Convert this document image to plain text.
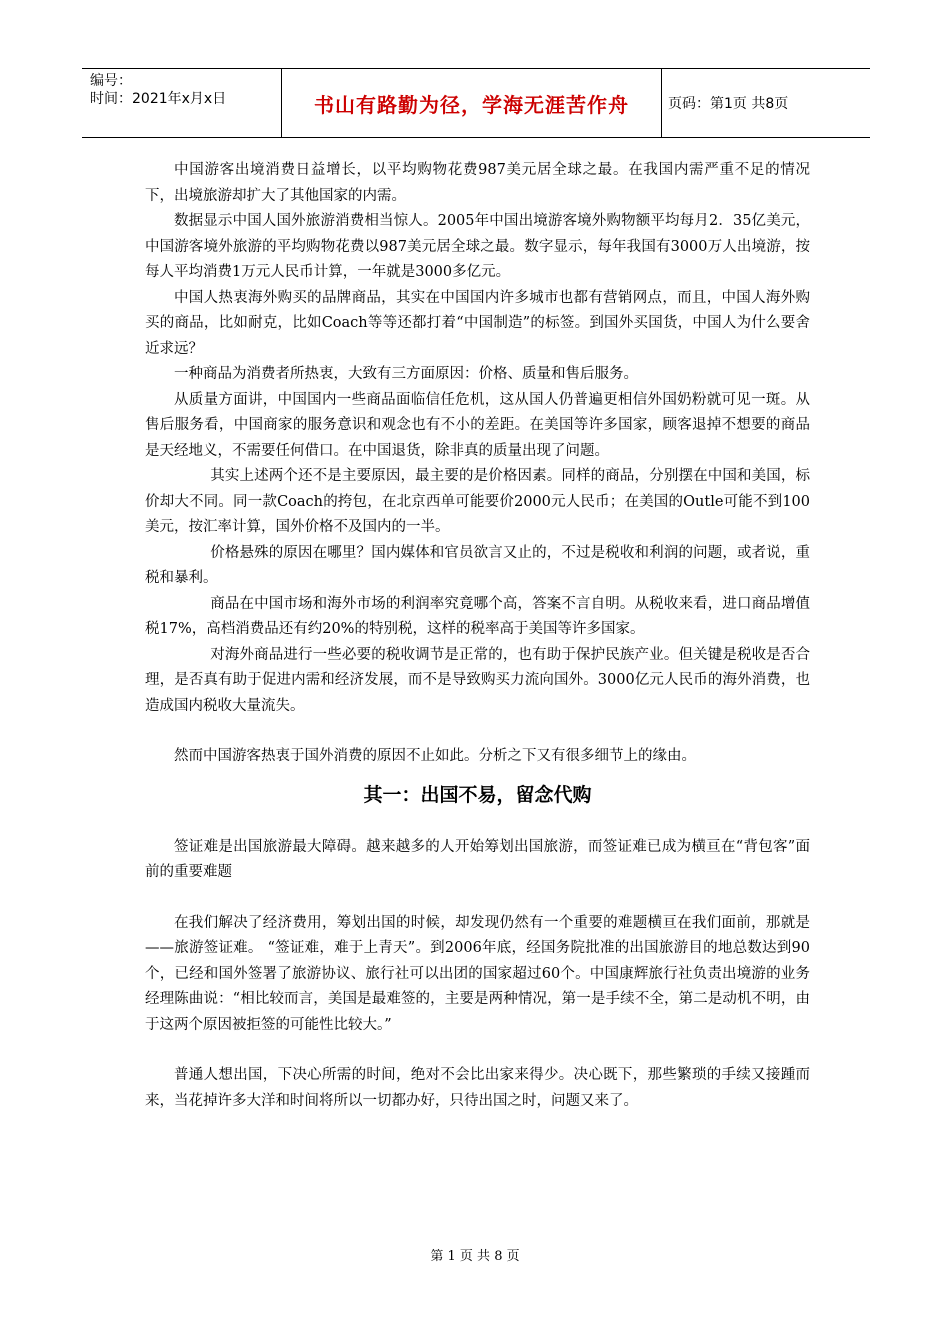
编号：
时间：2021年x月x日	书山有路勤为径，学海无涯苦作舟	页码：第1页 共8页

中国游客出境消费日益增长，以平均购物花费987美元居全球之最。在我国内需严重不足的情况下，出境旅游却扩大了其他国家的内需。

数据显示中国人国外旅游消费相当惊人。2005年中国出境游客境外购物额平均每月2．35亿美元，中国游客境外旅游的平均购物花费以987美元居全球之最。数字显示，每年我国有3000万人出境游，按每人平均消费1万元人民币计算，一年就是3000多亿元。

中国人热衷海外购买的品牌商品，其实在中国国内许多城市也都有营销网点，而且，中国人海外购买的商品，比如耐克，比如Coach等等还都打着“中国制造”的标签。到国外买国货，中国人为什么要舍近求远？

一种商品为消费者所热衷，大致有三方面原因：价格、质量和售后服务。

从质量方面讲，中国国内一些商品面临信任危机，这从国人仍普遍更相信外国奶粉就可见一斑。从售后服务看，中国商家的服务意识和观念也有不小的差距。在美国等许多国家，顾客退掉不想要的商品是天经地义，不需要任何借口。在中国退货，除非真的质量出现了问题。

其实上述两个还不是主要原因，最主要的是价格因素。同样的商品，分别摆在中国和美国，标价却大不同。同一款Coach的挎包，在北京西单可能要价2000元人民币；在美国的Outle可能不到100美元，按汇率计算，国外价格不及国内的一半。

价格悬殊的原因在哪里？国内媒体和官员欲言又止的，不过是税收和利润的问题，或者说，重税和暴利。

商品在中国市场和海外市场的利润率究竟哪个高，答案不言自明。从税收来看，进口商品增值税17%，高档消费品还有约20%的特别税，这样的税率高于美国等许多国家。

对海外商品进行一些必要的税收调节是正常的，也有助于保护民族产业。但关键是税收是否合理，是否真有助于促进内需和经济发展，而不是导致购买力流向国外。3000亿元人民币的海外消费，也造成国内税收大量流失。

然而中国游客热衷于国外消费的原因不止如此。分析之下又有很多细节上的缘由。

其一：出国不易，留念代购

签证难是出国旅游最大障碍。越来越多的人开始筹划出国旅游，而签证难已成为横亘在“背包客”面前的重要难题

在我们解决了经济费用，筹划出国的时候，却发现仍然有一个重要的难题横亘在我们面前，那就是——旅游签证难。 “签证难，难于上青天”。到2006年底，经国务院批准的出国旅游目的地总数达到90个，已经和国外签署了旅游协议、旅行社可以出团的国家超过60个。中国康辉旅行社负责出境游的业务经理陈曲说：“相比较而言，美国是最难签的，主要是两种情况，第一是手续不全，第二是动机不明，由于这两个原因被拒签的可能性比较大。”

普通人想出国，下决心所需的时间，绝对不会比出家来得少。决心既下，那些繁琐的手续又接踵而来，当花掉许多大洋和时间将所以一切都办好，只待出国之时，问题又来了。

第 1 页 共 8 页
